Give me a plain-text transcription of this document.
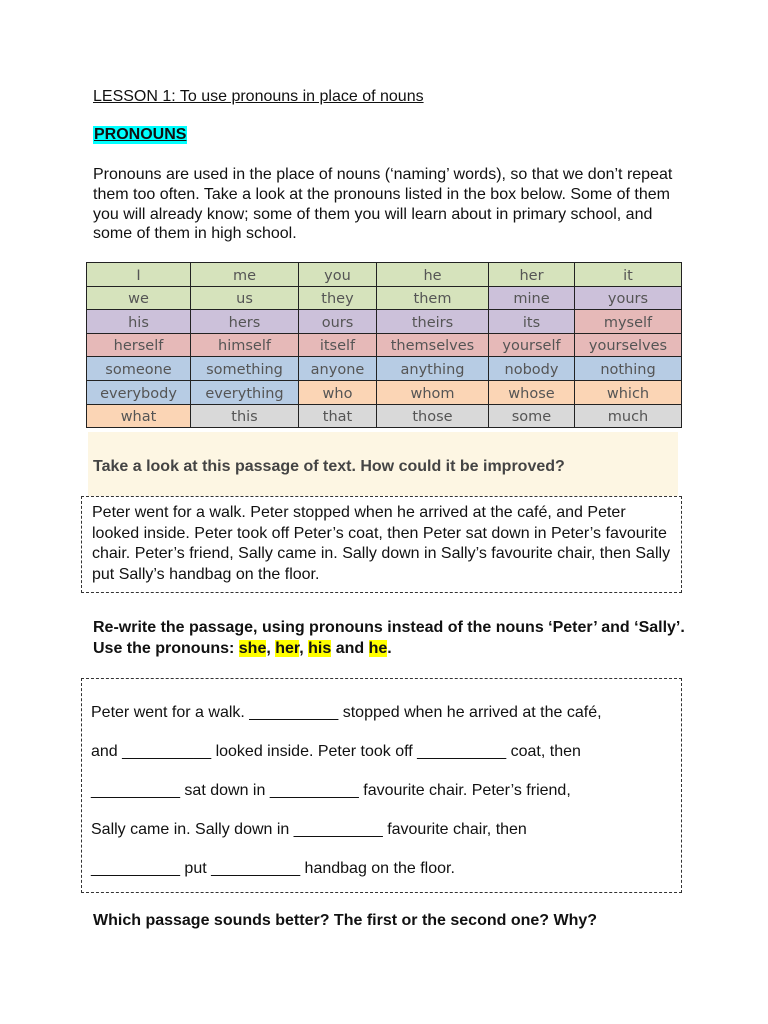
LESSON 1: To use pronouns in place of nouns
PRONOUNS
Pronouns are used in the place of nouns (‘naming’ words), so that we don’t repeat them too often. Take a look at the pronouns listed in the box below. Some of them you will already know; some of them you will learn about in primary school, and some of them in high school.
I	me	you	he	her	it
we	us	they	them	mine	yours
his	hers	ours	theirs	its	myself
herself	himself	itself	themselves	yourself	yourselves
someone	something	anyone	anything	nobody	nothing
everybody	everything	who	whom	whose	which
what	this	that	those	some	much
Take a look at this passage of text. How could it be improved?
Peter went for a walk. Peter stopped when he arrived at the café, and Peter looked inside. Peter took off Peter’s coat, then Peter sat down in Peter’s favourite chair. Peter’s friend, Sally came in. Sally down in Sally’s favourite chair, then Sally put Sally’s handbag on the floor.
Re-write the passage, using pronouns instead of the nouns ‘Peter’ and ‘Sally’. Use the pronouns: she, her, his and he.
Peter went for a walk. __________ stopped when he arrived at the café,
and __________ looked inside. Peter took off __________ coat, then
__________ sat down in __________ favourite chair. Peter’s friend,
Sally came in. Sally down in __________ favourite chair, then
__________ put __________ handbag on the floor.
Which passage sounds better? The first or the second one? Why?
